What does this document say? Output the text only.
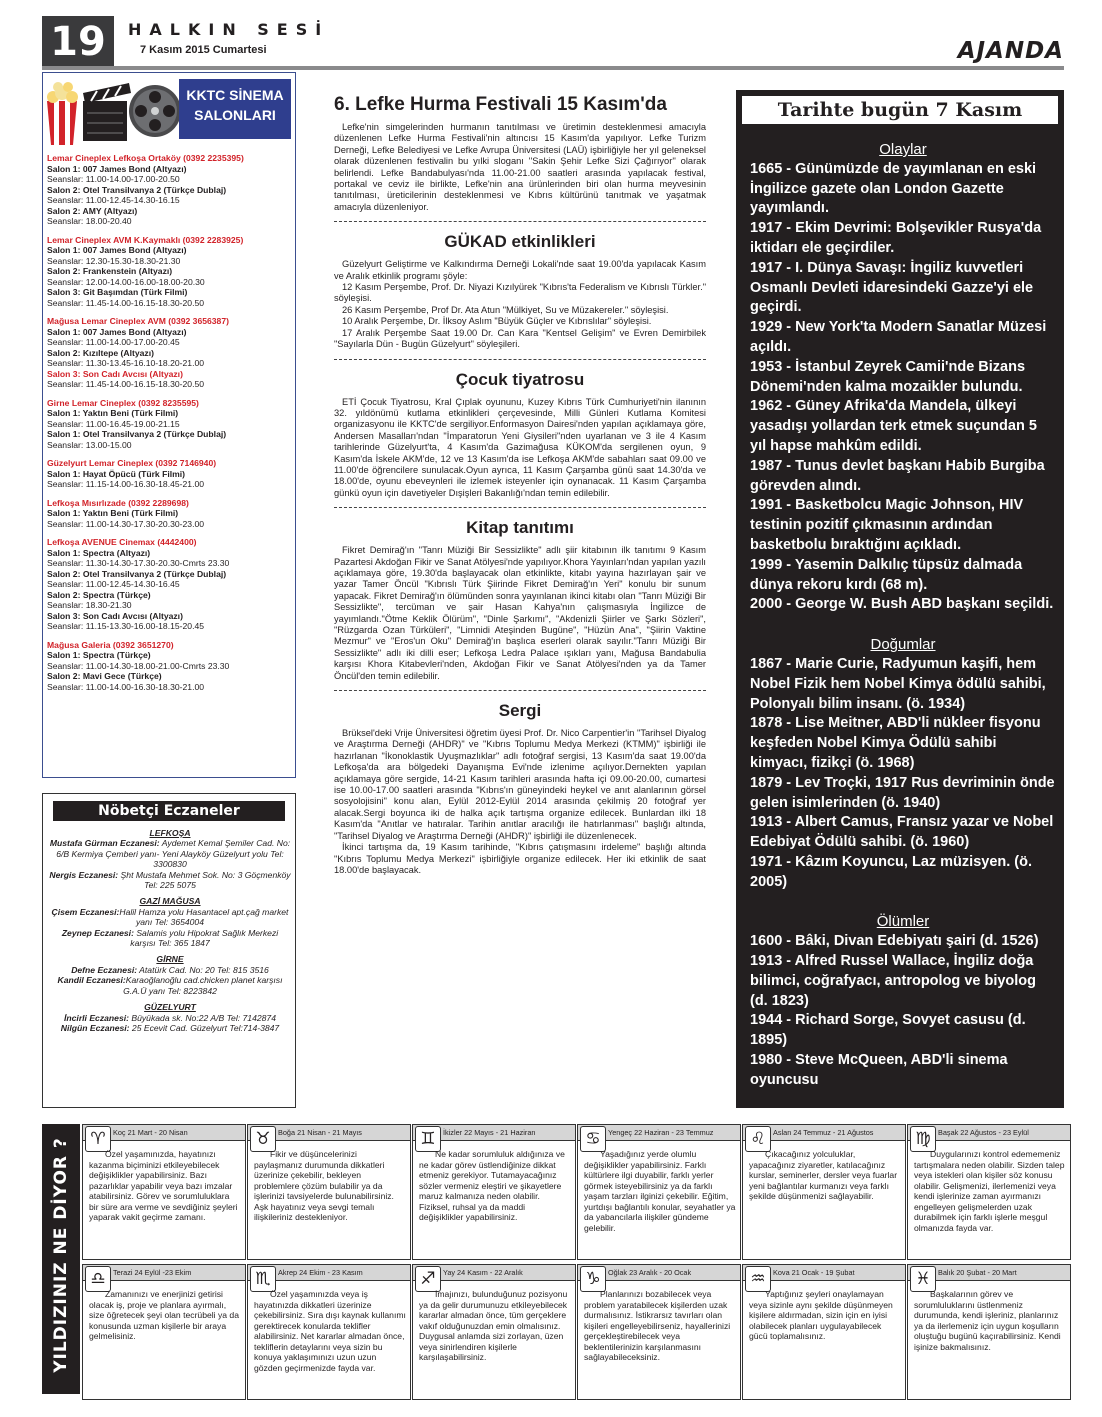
19	HALKIN SESİ
7 Kasım 2015 Cumartesi	AJANDA
KKTC SİNEMA
SALONLARI
Lemar Cineplex Lefkoşa Ortaköy (0392 2235395)
Salon 1: 007 James Bond (Altyazı)
Seanslar: 11.00-14.00-17.00-20.50
Salon 2: Otel Transilvanya 2 (Türkçe Dublaj)
Seanslar: 11.00-12.45-14.30-16.15
Salon 2: AMY (Altyazı)
Seanslar: 18.00-20.40
Lemar Cineplex AVM K.Kaymaklı (0392 2283925)
Salon 1: 007 James Bond (Altyazı)
Seanslar: 12.30-15.30-18.30-21.30
Salon 2: Frankenstein (Altyazı)
Seanslar: 12.00-14.00-16.00-18.00-20.30
Salon 3: Git Başımdan (Türk Filmi)
Seanslar: 11.45-14.00-16.15-18.30-20.50
Mağusa Lemar Cineplex AVM (0392 3656387)
Salon 1: 007 James Bond (Altyazı)
Seanslar: 11.00-14.00-17.00-20.45
Salon 2: Kızıltepe (Altyazı)
Seanslar: 11.30-13.45-16.10-18.20-21.00
Salon 3: Son Cadı Avcısı (Altyazı)
Seanslar: 11.45-14.00-16.15-18.30-20.50
Girne Lemar Cineplex (0392 8235595)
Salon 1: Yaktın Beni (Türk Filmi)
Seanslar: 11.00-16.45-19.00-21.15
Salon 1: Otel Transilvanya 2 (Türkçe Dublaj)
Seanslar: 13.00-15.00
Güzelyurt Lemar Cineplex (0392 7146940)
Salon 1: Hayat Öpücü (Türk Filmi)
Seanslar: 11.15-14.00-16.30-18.45-21.00
Lefkoşa Mısırlızade (0392 2289698)
Salon 1: Yaktın Beni (Türk Filmi)
Seanslar: 11.00-14.30-17.30-20.30-23.00
Lefkoşa AVENUE Cinemax (4442400)
Salon 1: Spectra (Altyazı)
Seanslar: 11.30-14.30-17.30-20.30-Cmrts 23.30
Salon 2: Otel Transilvanya 2 (Türkçe Dublaj)
Seanslar: 11.00-12.45-14.30-16.45
Salon 2: Spectra (Türkçe)
Seanslar: 18.30-21.30
Salon 3: Son Cadı Avcısı (Altyazı)
Seanslar: 11.15-13.30-16.00-18.15-20.45
Mağusa Galeria (0392 3651270)
Salon 1: Spectra (Türkçe)
Seanslar: 11.00-14.30-18.00-21.00-Cmrts 23.30
Salon 2: Mavi Gece (Türkçe)
Seanslar: 11.00-14.00-16.30-18.30-21.00
Nöbetçi Eczaneler
LEFKOŞA
Mustafa Gürman Eczanesi: Aydemet Kemal Şemiler Cad. No: 6/B Kermiya Çemberi yanı- Yeni Alayköy Güzelyurt yolu Tel: 3300830
Nergis Eczanesi: Şht Mustafa Mehmet Sok. No: 3 Göçmenköy Tel: 225 5075
GAZİ MAĞUSA
Çisem Eczanesi:Halil Hamza yolu Hasantacel apt.çağ market yanı Tel: 3654004
Zeynep Eczanesi: Salamis yolu Hipokrat Sağlık Merkezi karşısı Tel: 365 1847
GİRNE
Defne Eczanesi: Atatürk Cad. No: 20 Tel: 815 3516
Kandil Eczanesi:Karaoğlanoğlu cad.chicken planet karşısı G.A.Ü yanı Tel: 8223842
GÜZELYURT
İncirli Eczanesi: Büyükada sk. No:22 A/B Tel: 7142874
Nilgün Eczanesi: 25 Ecevit Cad. Güzelyurt Tel:714-3847
6. Lefke Hurma Festivali 15 Kasım'da

Lefke'nin simgelerinden hurmanın tanıtılması ve üretimin desteklenmesi amacıyla düzenlenen Lefke Hurma Festivali'nin altıncısı 15 Kasım'da yapılıyor. Lefke Turizm Derneği, Lefke Belediyesi ve Lefke Avrupa Üniversitesi (LAÜ) işbirliğiyle her yıl geleneksel olarak düzenlenen festivalin bu yılki sloganı ''Sakin Şehir Lefke Sizi Çağırıyor'' olarak belirlendi. Lefke Bandabulyası'nda 11.00-21.00 saatleri arasında yapılacak festival, portakal ve ceviz ile birlikte, Lefke'nin ana ürünlerinden biri olan hurma meyvesinin tanıtılması, üreticilerinin desteklenmesi ve Kıbrıs kültürünü tanıtmak ve yaşatmak amacıyla düzenleniyor.

GÜKAD etkinlikleri

Güzelyurt Geliştirme ve Kalkındırma Derneği Lokali'nde saat 19.00'da yapılacak Kasım ve Aralık etkinlik programı şöyle:

12 Kasım Perşembe, Prof. Dr. Niyazi Kızılyürek "Kıbrıs'ta Federalism ve Kıbrıslı Türkler." söyleşisi.

26 Kasım Perşembe, Prof Dr. Ata Atun "Mülkiyet, Su ve Müzakereler." söyleşisi.

10 Aralık Perşembe, Dr. İlksoy Aslım "Büyük Güçler ve Kıbrıslılar" söyleşisi.

17 Aralık Perşembe Saat 19.00 Dr. Can Kara "Kentsel Gelişim" ve Evren Demirbilek "Sayılarla Dün - Bugün Güzelyurt" söyleşileri.

Çocuk tiyatrosu

ETİ Çocuk Tiyatrosu, Kral Çıplak oyununu, Kuzey Kıbrıs Türk Cumhuriyeti'nin ilanının 32. yıldönümü kutlama etkinlikleri çerçevesinde, Milli Günleri Kutlama Komitesi organizasyonu ile KKTC'de sergiliyor.Enformasyon Dairesi'nden yapılan açıklamaya göre, Andersen Masalları'ndan "İmparatorun Yeni Giysileri"nden uyarlanan ve 3 ile 4 Kasım tarihlerinde Güzelyurt'ta, 4 Kasım'da Gazimağusa KÜKOM'da sergilenen oyun, 9 Kasım'da İskele AKM'de, 12 ve 13 Kasım'da ise Lefkoşa AKM'de sabahları saat 09.00 ve 11.00'de öğrencilere sunulacak.Oyun ayrıca, 11 Kasım Çarşamba günü saat 14.30'da ve 18.00'de, oyunu ebeveynleri ile izlemek isteyenler için oynanacak. 11 Kasım Çarşamba günkü oyun için davetiyeler Dışişleri Bakanlığı'ndan temin edilebilir.

Kitap tanıtımı

Fikret Demirağ'ın "Tanrı Müziği Bir Sessizlikte" adlı şiir kitabının ilk tanıtımı 9 Kasım Pazartesi Akdoğan Fikir ve Sanat Atölyesi'nde yapılıyor.Khora Yayınları'ndan yapılan yazılı açıklamaya göre, 19.30'da başlayacak olan etkinlikte, kitabı yayına hazırlayan şair ve yazar Tamer Öncül "Kıbrıslı Türk Şiirinde Fikret Demirağ'ın Yeri" konulu bir sunum yapacak. Fikret Demirağ'ın ölümünden sonra yayınlanan ikinci kitabı olan "Tanrı Müziği Bir Sessizlikte", tercüman ve şair Hasan Kahya'nın çalışmasıyla İngilizce de yayımlandı."Ötme Keklik Ölürüm", "Dinle Şarkımı", "Akdenizli Şiirler ve Şarkı Sözleri", "Rüzgarda Ozan Türküleri", "Limnidi Ateşinden Bugüne", "Hüzün Ana", "Şiirin Vaktine Mezmur" ve "Eros'un Oku" Demirağ'ın başlıca eserleri olarak sayılır."Tanrı Müziği Bir Sessizlikte" adlı iki dilli eser; Lefkoşa Ledra Palace ışıkları yanı, Mağusa Bandabulia karşısı Khora Kitabevleri'nden, Akdoğan Fikir ve Sanat Atölyesi'nden ya da Tamer Öncül'den temin edilebilir.

Sergi

Brüksel'deki Vrije Üniversitesi öğretim üyesi Prof. Dr. Nico Carpentier'in "Tarihsel Diyalog ve Araştırma Derneği (AHDR)" ve "Kıbrıs Toplumu Medya Merkezi (KTMM)" işbirliği ile hazırlanan "İkonoklastik Uyuşmazlıklar" adlı fotoğraf sergisi, 13 Kasım'da saat 19.00'da Lefkoşa'da ara bölgedeki Dayanışma Evi'nde izlenime açılıyor.Dernekten yapılan açıklamaya göre sergide, 14-21 Kasım tarihleri arasında hafta içi 09.00-20.00, cumartesi ise 10.00-17.00 saatleri arasında "Kıbrıs'ın güneyindeki heykel ve anıt alanlarının görsel sosyolojisini" konu alan, Eylül 2012-Eylül 2014 arasında çekilmiş 20 fotoğraf yer alacak.Sergi boyunca iki de halka açık tartışma organize edilecek. Bunlardan ilki 18 Kasım'da "Anıtlar ve hatıralar. Tarihin anıtlar aracılığı ile hatırlanması" başlığı altında, "Tarihsel Diyalog ve Araştırma Derneği (AHDR)" işbirliği ile düzenlenecek.

İkinci tartışma da, 19 Kasım tarihinde, "Kıbrıs çatışmasını irdeleme" başlığı altında "Kıbrıs Toplumu Medya Merkezi" işbirliğiyle organize edilecek. Her iki etkinlik de saat 18.00'de başlayacak.

Tarihte bugün 7 Kasım
Olaylar
1665 - Günümüzde de yayımlanan en eski İngilizce gazete olan London Gazette yayımlandı.
1917 - Ekim Devrimi: Bolşevikler Rusya'da iktidarı ele geçirdiler.
1917 - I. Dünya Savaşı: İngiliz kuvvetleri Osmanlı Devleti idaresindeki Gazze'yi ele geçirdi.
1929 - New York'ta Modern Sanatlar Müzesi açıldı.
1953 - İstanbul Zeyrek Camii'nde Bizans Dönemi'nden kalma mozaikler bulundu.
1962 - Güney Afrika'da Mandela, ülkeyi yasadışı yollardan terk etmek suçundan 5 yıl hapse mahkûm edildi.
1987 - Tunus devlet başkanı Habib Burgiba görevden alındı.
1991 - Basketbolcu Magic Johnson, HIV testinin pozitif çıkmasının ardından basketbolu bıraktığını açıkladı.
1999 - Yasemin Dalkılıç tüpsüz dalmada dünya rekoru kırdı (68 m).
2000 - George W. Bush ABD başkanı seçildi.
Doğumlar
1867 - Marie Curie, Radyumun kaşifi, hem Nobel Fizik hem Nobel Kimya ödülü sahibi, Polonyalı bilim insanı. (ö. 1934)
1878 - Lise Meitner, ABD'li nükleer fisyonu keşfeden Nobel Kimya Ödülü sahibi kimyacı, fizikçi (ö. 1968)
1879 - Lev Troçki, 1917 Rus devriminin önde gelen isimlerinden (ö. 1940)
1913 - Albert Camus, Fransız yazar ve Nobel Edebiyat Ödülü sahibi. (ö. 1960)
1971 - Kâzım Koyuncu, Laz müzisyen. (ö. 2005)
Ölümler
1600 - Bâki, Divan Edebiyatı şairi (d. 1526)
1913 - Alfred Russel Wallace, İngiliz doğa bilimci, coğrafyacı, antropolog ve biyolog (d. 1823)
1944 - Richard Sorge, Sovyet casusu (d. 1895)
1980 - Steve McQueen, ABD'li sinema oyuncusu
YILDIZINIZ NE DİYOR ?
Koç 21 Mart - 20 Nisan
♈
Özel yaşamınızda, hayatınızı kazanma biçiminizi etkileyebilecek değişiklikler yapabilirsiniz. Bazı pazarlıklar yapabilir veya bazı imzalar atabilirsiniz. Görev ve sorumluluklara bir süre ara verme ve sevdiğiniz şeyleri yaparak vakit geçirme zamanı.
Boğa 21 Nisan - 21 Mayıs
♉
Fikir ve düşüncelerinizi paylaşmanız durumunda dikkatleri üzerinize çekebilir, bekleyen problemlere çözüm bulabilir ya da işlerinizi tavsiyelerde bulunabilirsiniz. Aşk hayatınız veya sevgi temalı ilişkileriniz destekleniyor.
İkizler 22 Mayıs - 21 Haziran
♊
Ne kadar sorumluluk aldığınıza ve ne kadar görev üstlendiğinize dikkat etmeniz gerekiyor. Tutamayacağınız sözler vermeniz eleştiri ve şikayetlere maruz kalmanıza neden olabilir. Fiziksel, ruhsal ya da maddi değişiklikler yapabilirsiniz.
Yengeç 22 Haziran - 23 Temmuz
♋
Yaşadığınız yerde olumlu değişiklikler yapabilirsiniz. Farklı kültürlere ilgi duyabilir, farklı yerler görmek isteyebilirsiniz ya da farklı yaşam tarzları ilginizi çekebilir. Eğitim, yurtdışı bağlantılı konular, seyahatler ya da yabancılarla ilişkiler gündeme gelebilir.
Aslan 24 Temmuz - 21 Ağustos
♌
Çıkacağınız yolculuklar, yapacağınız ziyaretler, katılacağınız kurslar, seminerler, dersler veya fuarlar yeni bağlantılar kurmanızı veya farklı şekilde düşünmenizi sağlayabilir.
Başak 22 Ağustos - 23 Eylül
♍
Duygularınızı kontrol edememeniz tartışmalara neden olabilir. Sizden talep veya istekleri olan kişiler söz konusu olabilir. Gelişmenizi, ilerlemenizi veya kendi işlerinize zaman ayırmanızı engelleyen gelişmelerden uzak durabilmek için farklı işlerle meşgul olmanızda fayda var.
Terazi 24 Eylül -23 Ekim
♎
Zamanınızı ve enerjinizi getirisi olacak iş, proje ve planlara ayırmalı, size öğretecek şeyi olan tecrübeli ya da konusunda uzman kişilerle bir araya gelmelisiniz.
Akrep 24 Ekim - 23 Kasım
♏
Özel yaşamınızda veya iş hayatınızda dikkatleri üzerinize çekebilirsiniz. Sıra dışı kaynak kullanımı gerektirecek konularda teklifler alabilirsiniz. Net kararlar almadan önce, tekliflerin detaylarını veya sizin bu konuya yaklaşımınızı uzun uzun gözden geçirmenizde fayda var.
Yay 24 Kasım - 22 Aralık
♐
İmajınızı, bulunduğunuz pozisyonu ya da gelir durumunuzu etkileyebilecek kararlar almadan önce, tüm gerçeklere vakıf olduğunuzdan emin olmalısınız. Duygusal anlamda sizi zorlayan, üzen veya sinirlendiren kişilerle karşılaşabilirsiniz.
Oğlak 23 Aralık - 20 Ocak
♑
Planlarınızı bozabilecek veya problem yaratabilecek kişilerden uzak durmalısınız. İstikrarsız tavırları olan kişileri engelleyebilirseniz, hayallerinizi gerçekleştirebilecek veya beklentilerinizin karşılanmasını sağlayabileceksiniz.
Kova 21 Ocak - 19 Şubat
♒
Yaptığınız şeyleri onaylamayan veya sizinle aynı şekilde düşünmeyen kişilere aldırmadan, sizin için en iyisi olabilecek planları uygulayabilecek gücü toplamalısınız.
Balık 20 Şubat - 20 Mart
♓
Başkalarının görev ve sorumluluklarını üstlenmeniz durumunda, kendi işleriniz, planlarınız ya da ilerlemeniz için uygun koşulların oluştuğu bugünü kaçırabilirsiniz. Kendi işinize bakmalısınız.
